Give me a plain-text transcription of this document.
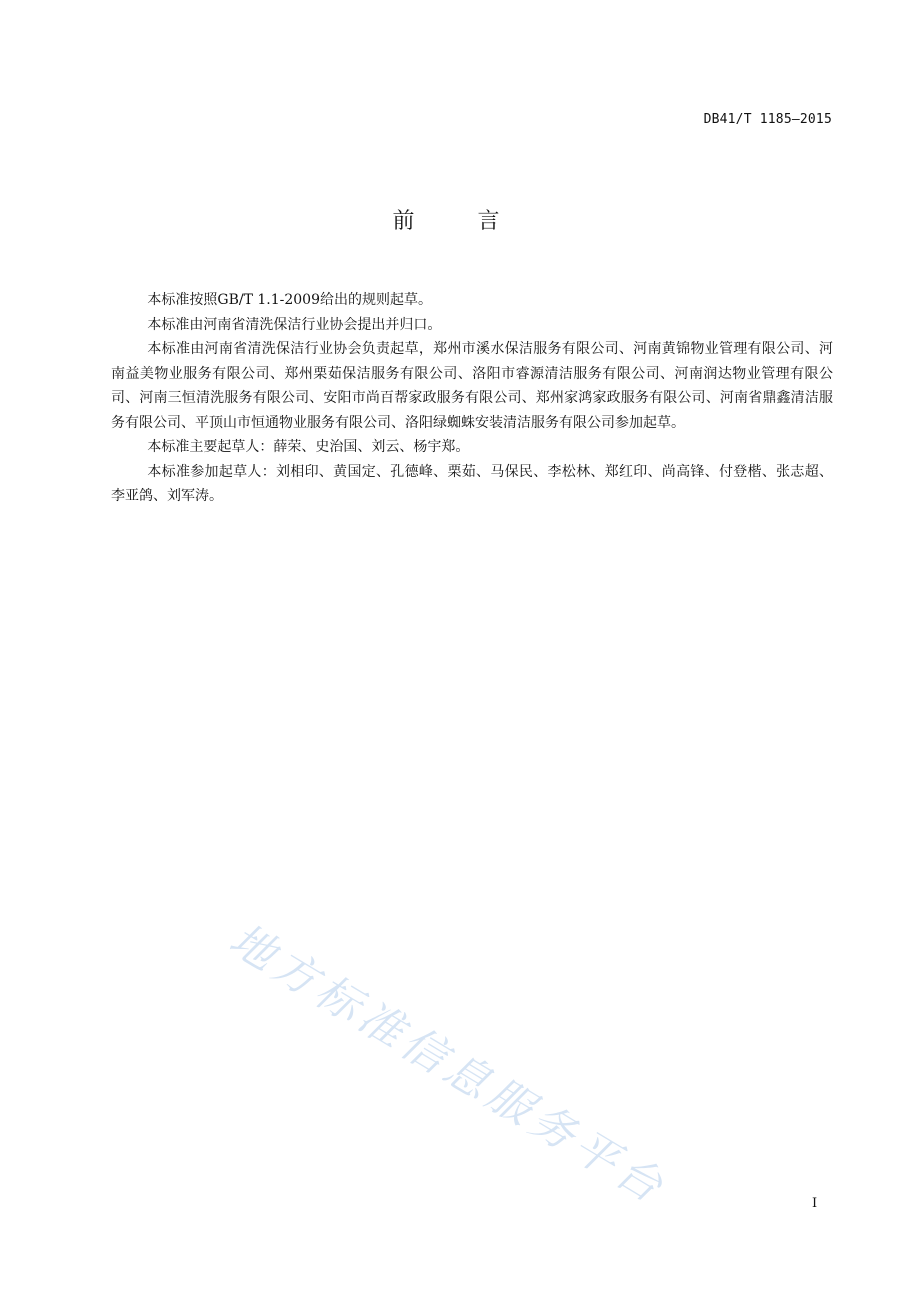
DB41/T 1185—2015
前 言

本标准按照GB/T 1.1-2009给出的规则起草。

本标准由河南省清洗保洁行业协会提出并归口。

本标准由河南省清洗保洁行业协会负责起草，郑州市溪水保洁服务有限公司、河南黄锦物业管理有限公司、河南益美物业服务有限公司、郑州栗茹保洁服务有限公司、洛阳市睿源清洁服务有限公司、河南润达物业管理有限公司、河南三恒清洗服务有限公司、安阳市尚百帮家政服务有限公司、郑州家鸿家政服务有限公司、河南省鼎鑫清洁服务有限公司、平顶山市恒通物业服务有限公司、洛阳绿蜘蛛安装清洁服务有限公司参加起草。

本标准主要起草人：薛荣、史治国、刘云、杨宇郑。

本标准参加起草人：刘相印、黄国定、孔德峰、栗茹、马保民、李松林、郑红印、尚高锋、付登楷、张志超、李亚鸽、刘军涛。

地方标准信息服务平台	I
